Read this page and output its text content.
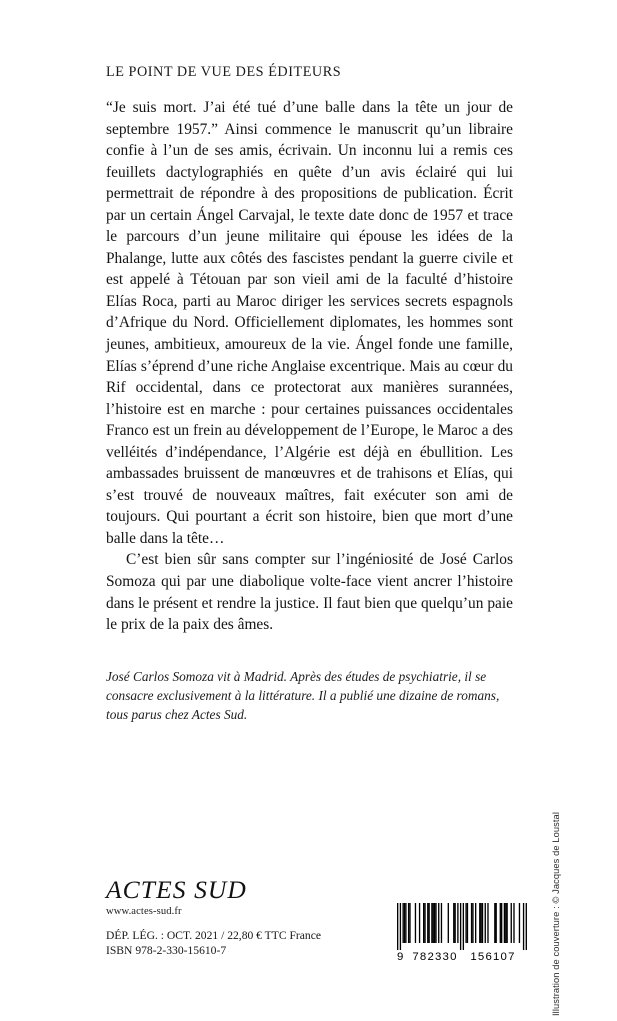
LE POINT DE VUE DES ÉDITEURS

“Je suis mort. J’ai été tué d’une balle dans la tête un jour de septembre 1957.” Ainsi commence le manuscrit qu’un libraire confie à l’un de ses amis, écrivain. Un inconnu lui a remis ces feuillets dactylographiés en quête d’un avis éclairé qui lui permettrait de répondre à des propositions de publication. Écrit par un certain Ángel Carvajal, le texte date donc de 1957 et trace le parcours d’un jeune militaire qui épouse les idées de la Phalange, lutte aux côtés des fascistes pendant la guerre civile et est appelé à Tétouan par son vieil ami de la faculté d’histoire Elías Roca, parti au Maroc diriger les services secrets espagnols d’Afrique du Nord. Officiellement diplomates, les hommes sont jeunes, ambitieux, amoureux de la vie. Ángel fonde une famille, Elías s’éprend d’une riche Anglaise excentrique. Mais au cœur du Rif occidental, dans ce protectorat aux manières surannées, l’histoire est en marche : pour certaines puissances occidentales Franco est un frein au développement de l’Europe, le Maroc a des velléités d’indépendance, l’Algérie est déjà en ébullition. Les ambassades bruissent de manœuvres et de trahisons et Elías, qui s’est trouvé de nouveaux maîtres, fait exécuter son ami de toujours. Qui pourtant a écrit son histoire, bien que mort d’une balle dans la tête…

C’est bien sûr sans compter sur l’ingéniosité de José Carlos Somoza qui par une diabolique volte-face vient ancrer l’histoire dans le présent et rendre la justice. Il faut bien que quelqu’un paie le prix de la paix des âmes.

José Carlos Somoza vit à Madrid. Après des études de psychiatrie, il se consacre exclusivement à la littérature. Il a publié une dizaine de romans, tous parus chez Actes Sud.

ACTES SUD
www.actes-sud.fr
DÉP. LÉG. : OCT. 2021 / 22,80 € TTC France
ISBN 978-2-330-15610-7	9 782330 156107	Illustration de couverture : © Jacques de Loustal
